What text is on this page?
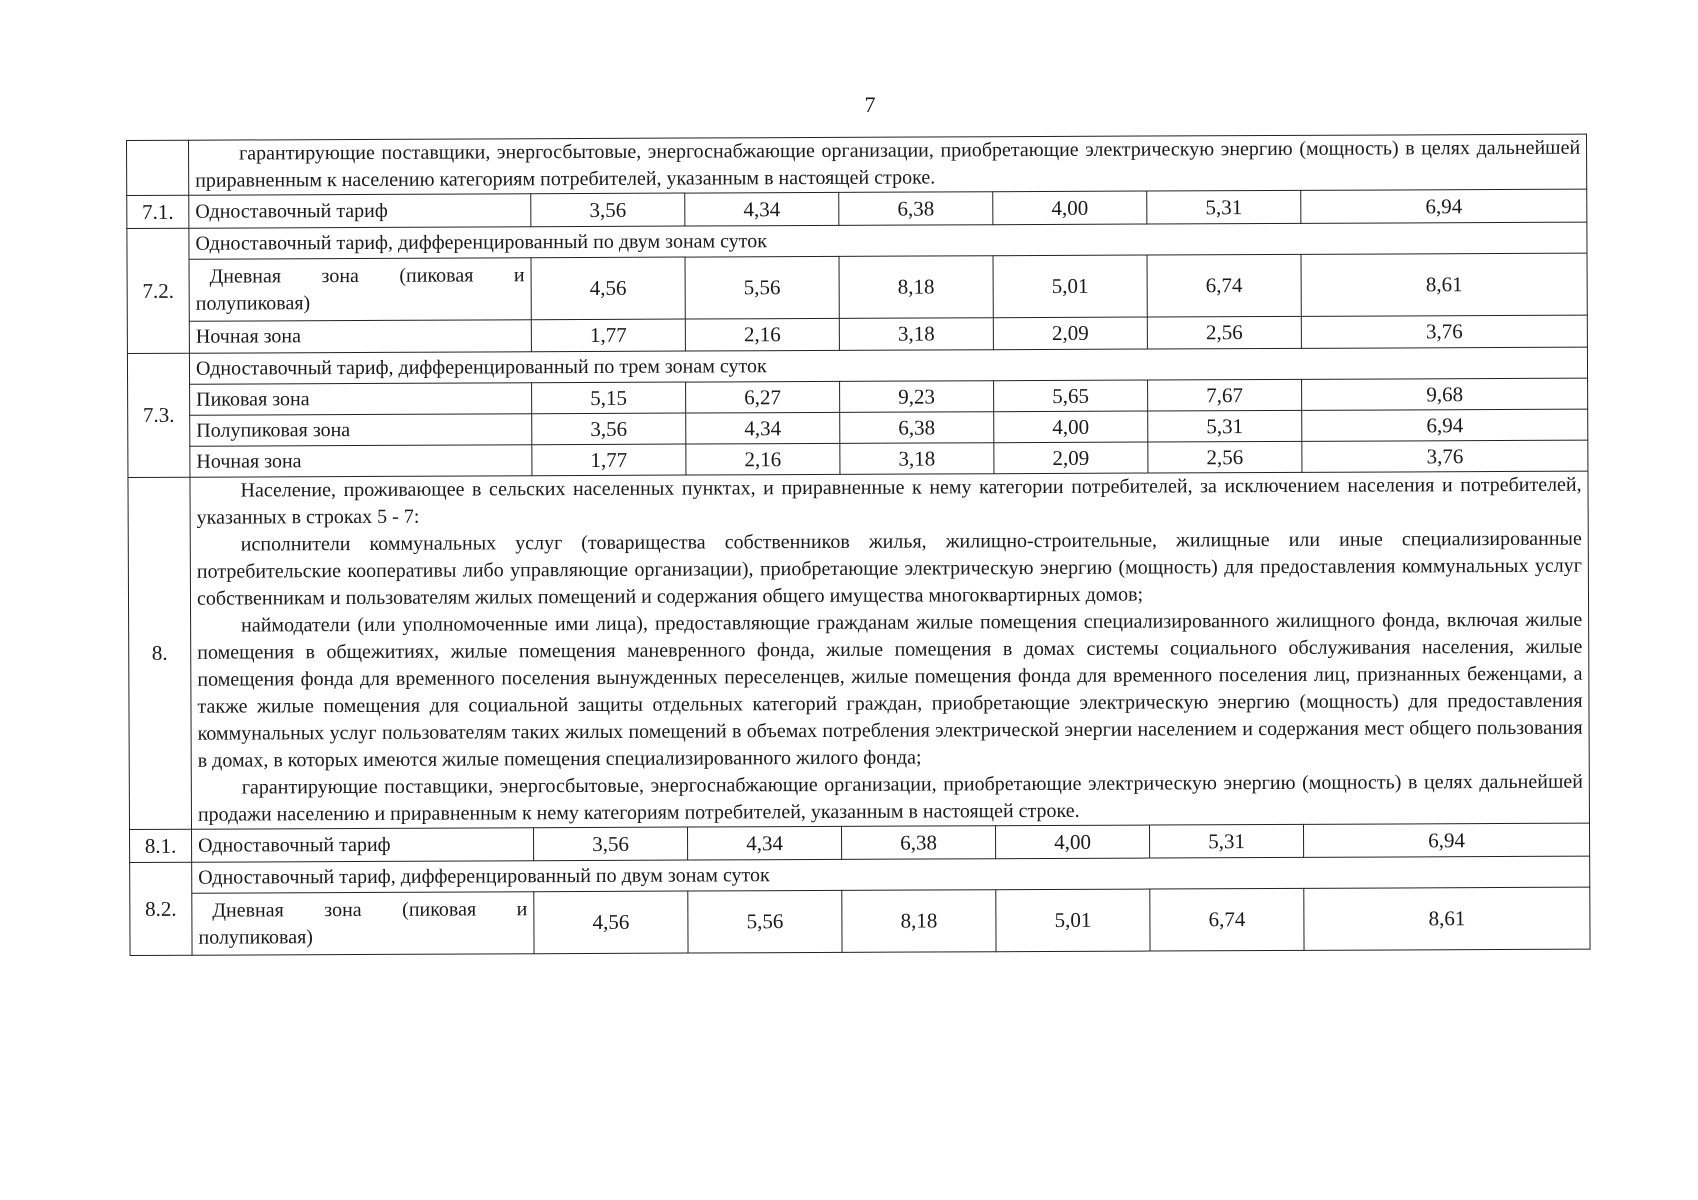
7

	гарантирующие поставщики, энергосбытовые, энергоснабжающие организации, приобретающие электрическую энергию (мощность) в целях дальнейшей приравненным к населению категориям потребителей, указанным в настоящей строке.						

7.1.	Одноставочный тариф	3,56	4,34	6,38	4,00	5,31	6,94
7.2.	Одноставочный тариф, дифференцированный по двум зонам суток						

	Дневная зона (пиковая и
полупиковая)	4,56	5,56	8,18	5,01	6,74	8,61
	Ночная зона	1,77	2,16	3,18	2,09	2,56	3,76
7.3.	Одноставочный тариф, дифференцированный по трем зонам суток						
	Пиковая зона	5,15	6,27	9,23	5,65	7,67	9,68
	Полупиковая зона	3,56	4,34	6,38	4,00	5,31	6,94
	Ночная зона	1,77	2,16	3,18	2,09	2,56	3,76
8.	Население, проживающее в сельских населенных пунктах, и приравненные к нему категории потребителей, за исключением населения и потребителей, указанных в строках 5 - 7:

исполнители коммунальных услуг (товарищества собственников жилья, жилищно-строительные, жилищные или иные специализированные потребительские кооперативы либо управляющие организации), приобретающие электрическую энергию (мощность) для предоставления коммунальных услуг собственникам и пользователям жилых помещений и содержания общего имущества многоквартирных домов;

наймодатели (или уполномоченные ими лица), предоставляющие гражданам жилые помещения специализированного жилищного фонда, включая жилые помещения в общежитиях, жилые помещения маневренного фонда, жилые помещения в домах системы социального обслуживания населения, жилые помещения фонда для временного поселения вынужденных переселенцев, жилые помещения фонда для временного поселения лиц, признанных беженцами, а также жилые помещения для социальной защиты отдельных категорий граждан, приобретающие электрическую энергию (мощность) для предоставления коммунальных услуг пользователям таких жилых помещений в объемах потребления электрической энергии населением и содержания мест общего пользования в домах, в которых имеются жилые помещения специализированного жилого фонда;

гарантирующие поставщики, энергосбытовые, энергоснабжающие организации, приобретающие электрическую энергию (мощность) в целях дальнейшей продажи населению и приравненным к нему категориям потребителей, указанным в настоящей строке.						

8.1.	Одноставочный тариф	3,56	4,34	6,38	4,00	5,31	6,94
8.2.	Одноставочный тариф, дифференцированный по двум зонам суток						

	Дневная зона (пиковая и
полупиковая)	4,56	5,56	8,18	5,01	6,74	8,61
